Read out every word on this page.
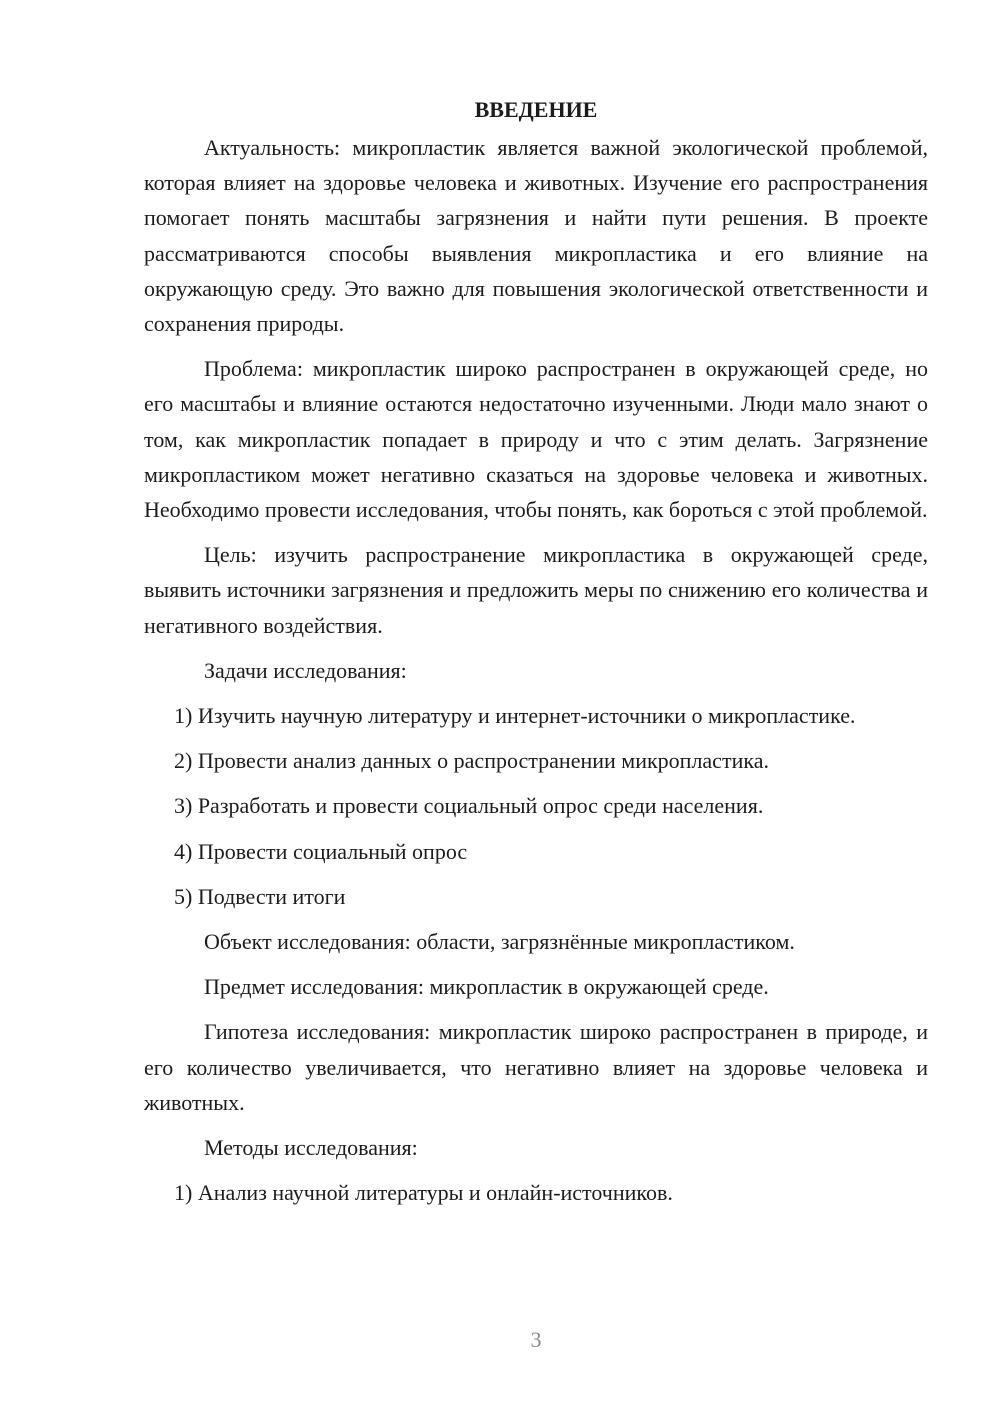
ВВЕДЕНИЕ

Актуальность: микропластик является важной экологической проблемой, которая влияет на здоровье человека и животных. Изучение его распространения помогает понять масштабы загрязнения и найти пути решения. В проекте рассматриваются способы выявления микропластика и его влияние на окружающую среду. Это важно для повышения экологической ответственности и сохранения природы.

Проблема: микропластик широко распространен в окружающей среде, но его масштабы и влияние остаются недостаточно изученными. Люди мало знают о том, как микропластик попадает в природу и что с этим делать. Загрязнение микропластиком может негативно сказаться на здоровье человека и животных. Необходимо провести исследования, чтобы понять, как бороться с этой проблемой.

Цель: изучить распространение микропластика в окружающей среде, выявить источники загрязнения и предложить меры по снижению его количества и негативного воздействия.

Задачи исследования:

1) Изучить научную литературу и интернет-источники о микропластике.

2) Провести анализ данных о распространении микропластика.

3) Разработать и провести социальный опрос среди населения.

4) Провести социальный опрос

5) Подвести итоги

Объект исследования: области, загрязнённые микропластиком.

Предмет исследования: микропластик в окружающей среде.

Гипотеза исследования: микропластик широко распространен в природе, и его количество увеличивается, что негативно влияет на здоровье человека и животных.

Методы исследования:

1) Анализ научной литературы и онлайн-источников.

3
